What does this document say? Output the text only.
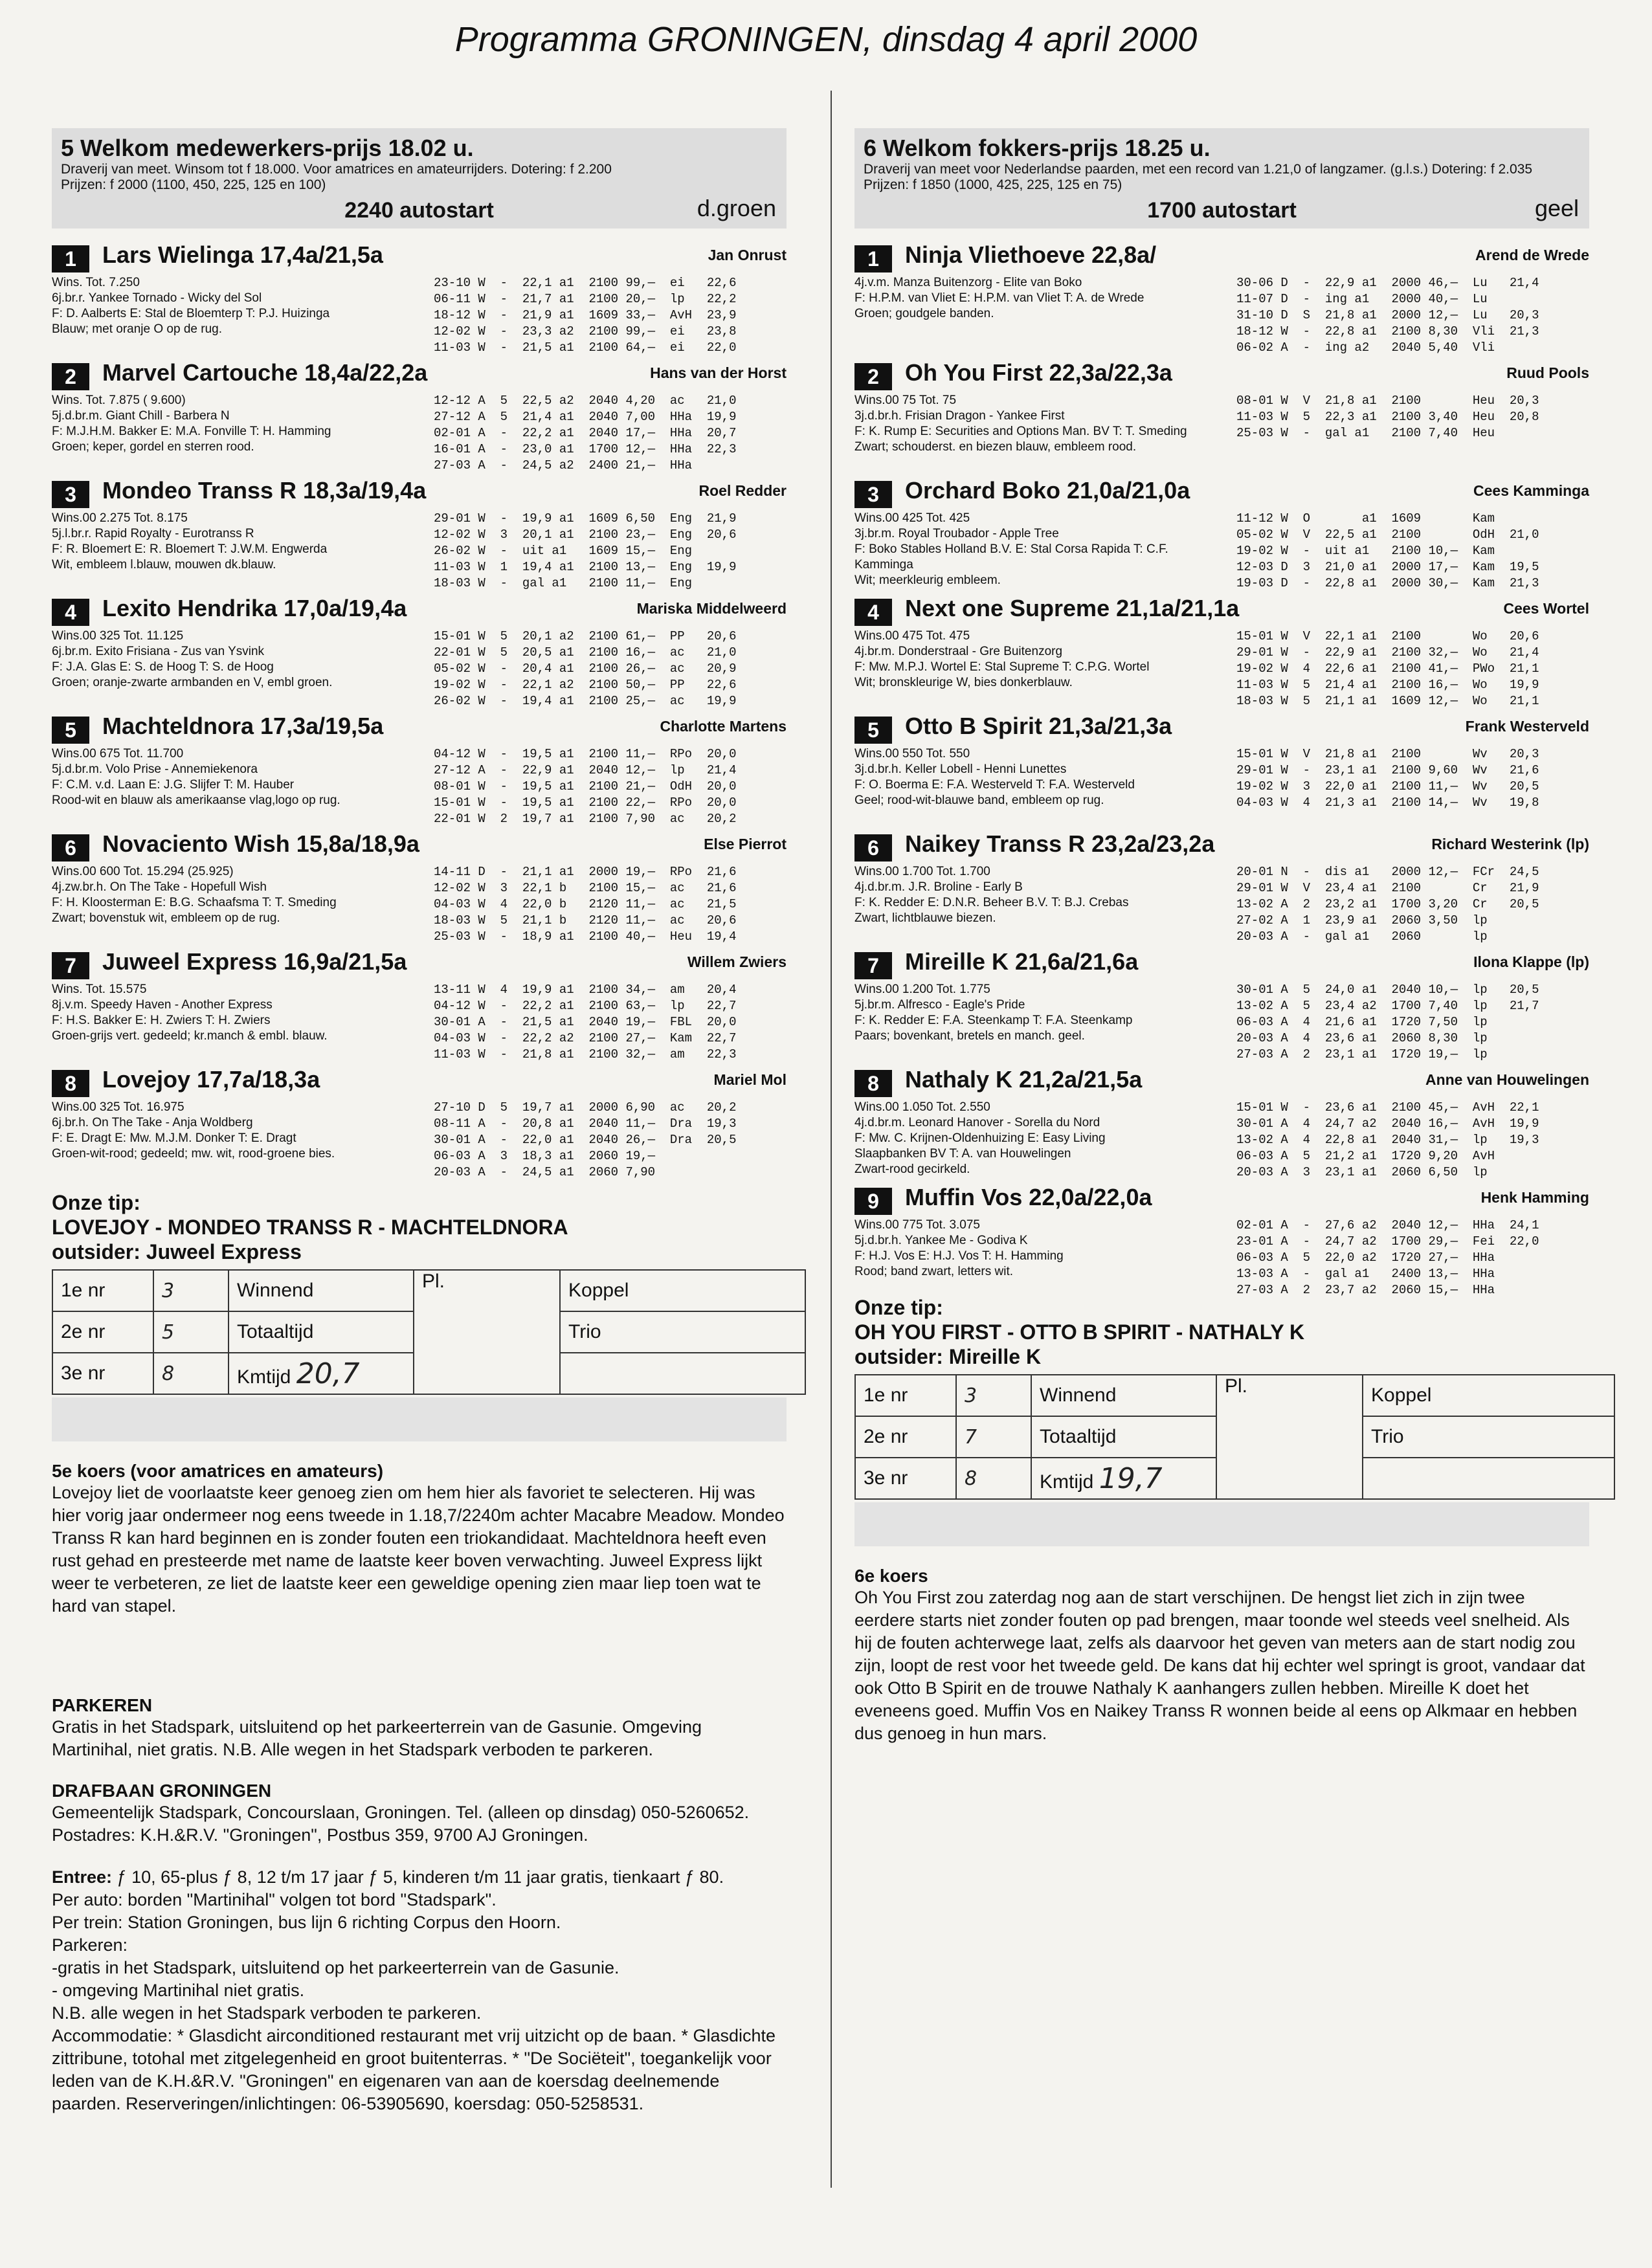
Programma GRONINGEN, dinsdag 4 april 2000
5 Welkom medewerkers-prijs 18.02 u.
Draverij van meet. Winsom tot f 18.000. Voor amatrices en amateurrijders. Dotering: f 2.200
Prijzen: f 2000 (1100, 450, 225, 125 en 100)
2240 autostart	d.groen
1	Lars Wielinga 17,4a/21,5a	Jan Onrust
Wins. Tot. 7.250
6j.br.r. Yankee Tornado - Wicky del Sol
F: D. Aalberts E: Stal de Bloemterp T: P.J. Huizinga
Blauw; met oranje O op de rug.
23-10 W  -  22,1 a1  2100 99,—  ei   22,6
06-11 W  -  21,7 a1  2100 20,—  lp   22,2
18-12 W  -  21,9 a1  1609 33,—  AvH  23,9
12-02 W  -  23,3 a2  2100 99,—  ei   23,8
11-03 W  -  21,5 a1  2100 64,—  ei   22,0
2	Marvel Cartouche 18,4a/22,2a	Hans van der Horst
Wins. Tot. 7.875 ( 9.600)
5j.d.br.m. Giant Chill - Barbera N
F: M.J.H.M. Bakker E: M.A. Fonville T: H. Hamming
Groen; keper, gordel en sterren rood.
12-12 A  5  22,5 a2  2040 4,20  ac   21,0
27-12 A  5  21,4 a1  2040 7,00  HHa  19,9
02-01 A  -  22,2 a1  2040 17,—  HHa  20,7
16-01 A  -  23,0 a1  1700 12,—  HHa  22,3
27-03 A  -  24,5 a2  2400 21,—  HHa
3	Mondeo Transs R 18,3a/19,4a	Roel Redder
Wins.00 2.275 Tot. 8.175
5j.l.br.r. Rapid Royalty - Eurotranss R
F: R. Bloemert E: R. Bloemert T: J.W.M. Engwerda
Wit, embleem l.blauw, mouwen dk.blauw.
29-01 W  -  19,9 a1  1609 6,50  Eng  21,9
12-02 W  3  20,1 a1  2100 23,—  Eng  20,6
26-02 W  -  uit a1   1609 15,—  Eng
11-03 W  1  19,4 a1  2100 13,—  Eng  19,9
18-03 W  -  gal a1   2100 11,—  Eng
4	Lexito Hendrika 17,0a/19,4a	Mariska Middelweerd
Wins.00 325 Tot. 11.125
6j.br.m. Exito Frisiana - Zus van Ysvink
F: J.A. Glas E: S. de Hoog T: S. de Hoog
Groen; oranje-zwarte armbanden en V, embl groen.
15-01 W  5  20,1 a2  2100 61,—  PP   20,6
22-01 W  5  20,5 a1  2100 16,—  ac   21,0
05-02 W  -  20,4 a1  2100 26,—  ac   20,9
19-02 W  -  22,1 a2  2100 50,—  PP   22,6
26-02 W  -  19,4 a1  2100 25,—  ac   19,9
5	Machteldnora 17,3a/19,5a	Charlotte Martens
Wins.00 675 Tot. 11.700
5j.d.br.m. Volo Prise - Annemiekenora
F: C.M. v.d. Laan E: J.G. Slijfer T: M. Hauber
Rood-wit en blauw als amerikaanse vlag,logo op rug.
04-12 W  -  19,5 a1  2100 11,—  RPo  20,0
27-12 A  -  22,9 a1  2040 12,—  lp   21,4
08-01 W  -  19,5 a1  2100 21,—  OdH  20,0
15-01 W  -  19,5 a1  2100 22,—  RPo  20,0
22-01 W  2  19,7 a1  2100 7,90  ac   20,2
6	Novaciento Wish 15,8a/18,9a	Else Pierrot
Wins.00 600 Tot. 15.294 (25.925)
4j.zw.br.h. On The Take - Hopefull Wish
F: H. Kloosterman E: B.G. Schaafsma T: T. Smeding
Zwart; bovenstuk wit, embleem op de rug.
14-11 D  -  21,1 a1  2000 19,—  RPo  21,6
12-02 W  3  22,1 b   2100 15,—  ac   21,6
04-03 W  4  22,0 b   2120 11,—  ac   21,5
18-03 W  5  21,1 b   2120 11,—  ac   20,6
25-03 W  -  18,9 a1  2100 40,—  Heu  19,4
7	Juweel Express 16,9a/21,5a	Willem Zwiers
Wins. Tot. 15.575
8j.v.m. Speedy Haven - Another Express
F: H.S. Bakker E: H. Zwiers T: H. Zwiers
Groen-grijs vert. gedeeld; kr.manch & embl. blauw.
13-11 W  4  19,9 a1  2100 34,—  am   20,4
04-12 W  -  22,2 a1  2100 63,—  lp   22,7
30-01 A  -  21,5 a1  2040 19,—  FBL  20,0
04-03 W  -  22,2 a2  2100 27,—  Kam  22,7
11-03 W  -  21,8 a1  2100 32,—  am   22,3
8	Lovejoy 17,7a/18,3a	Mariel Mol
Wins.00 325 Tot. 16.975
6j.br.h. On The Take - Anja Woldberg
F: E. Dragt E: Mw. M.J.M. Donker T: E. Dragt
Groen-wit-rood; gedeeld; mw. wit, rood-groene bies.
27-10 D  5  19,7 a1  2000 6,90  ac   20,2
08-11 A  -  20,8 a1  2040 11,—  Dra  19,3
30-01 A  -  22,0 a1  2040 26,—  Dra  20,5
06-03 A  3  18,3 a1  2060 19,—
20-03 A  -  24,5 a1  2060 7,90
Onze tip:
LOVEJOY - MONDEO TRANSS R - MACHTELDNORA
outsider: Juweel Express
1e nr	3	Winnend	Pl.	Koppel
2e nr	5	Totaaltijd		Trio
3e nr	8	Kmtijd 20,7		
5e koers (voor amatrices en amateurs)
Lovejoy liet de voorlaatste keer genoeg zien om hem hier als favoriet te selecteren. Hij was hier vorig jaar ondermeer nog eens tweede in 1.18,7/2240m achter Macabre Meadow. Mondeo Transs R kan hard beginnen en is zonder fouten een triokandidaat. Machteldnora heeft even rust gehad en presteerde met name de laatste keer boven verwachting. Juweel Express lijkt weer te verbeteren, ze liet de laatste keer een geweldige opening zien maar liep toen wat te hard van stapel.
PARKEREN
Gratis in het Stadspark, uitsluitend op het parkeerterrein van de Gasunie. Omgeving Martinihal, niet gratis. N.B. Alle wegen in het Stadspark verboden te parkeren.
DRAFBAAN GRONINGEN
Gemeentelijk Stadspark, Concourslaan, Groningen. Tel. (alleen op dinsdag) 050-5260652.
Postadres: K.H.&R.V. "Groningen", Postbus 359, 9700 AJ Groningen.
Entree: ƒ 10, 65-plus ƒ 8, 12 t/m 17 jaar ƒ 5, kinderen t/m 11 jaar gratis, tienkaart ƒ 80.
Per auto: borden "Martinihal" volgen tot bord "Stadspark".
Per trein: Station Groningen, bus lijn 6 richting Corpus den Hoorn.
Parkeren:
-gratis in het Stadspark, uitsluitend op het parkeerterrein van de Gasunie.
- omgeving Martinihal niet gratis.
N.B. alle wegen in het Stadspark verboden te parkeren.
Accommodatie: * Glasdicht airconditioned restaurant met vrij uitzicht op de baan. * Glasdichte zittribune, totohal met zitgelegenheid en groot buitenterras. * "De Sociëteit", toegankelijk voor leden van de K.H.&R.V. "Groningen" en eigenaren van aan de koersdag deelnemende paarden. Reserveringen/inlichtingen: 06-53905690, koersdag: 050-5258531.
6 Welkom fokkers-prijs 18.25 u.
Draverij van meet voor Nederlandse paarden, met een record van 1.21,0 of langzamer. (g.l.s.) Dotering: f 2.035
Prijzen: f 1850 (1000, 425, 225, 125 en 75)
1700 autostart	geel
1	Ninja Vliethoeve 22,8a/	Arend de Wrede
4j.v.m. Manza Buitenzorg - Elite van Boko
F: H.P.M. van Vliet E: H.P.M. van Vliet T: A. de Wrede
Groen; goudgele banden.
30-06 D  -  22,9 a1  2000 46,—  Lu   21,4
11-07 D  -  ing a1   2000 40,—  Lu
31-10 D  S  21,8 a1  2000 12,—  Lu   20,3
18-12 W  -  22,8 a1  2100 8,30  Vli  21,3
06-02 A  -  ing a2   2040 5,40  Vli
2	Oh You First 22,3a/22,3a	Ruud Pools
Wins.00 75 Tot. 75
3j.d.br.h. Frisian Dragon - Yankee First
F: K. Rump E: Securities and Options Man. BV T: T. Smeding
Zwart; schouderst. en biezen blauw, embleem rood.
08-01 W  V  21,8 a1  2100       Heu  20,3
11-03 W  5  22,3 a1  2100 3,40  Heu  20,8
25-03 W  -  gal a1   2100 7,40  Heu
3	Orchard Boko 21,0a/21,0a	Cees Kamminga
Wins.00 425 Tot. 425
3j.br.m. Royal Troubador - Apple Tree
F: Boko Stables Holland B.V. E: Stal Corsa Rapida T: C.F. Kamminga
Wit; meerkleurig embleem.
11-12 W  O       a1  1609       Kam
05-02 W  V  22,5 a1  2100       OdH  21,0
19-02 W  -  uit a1   2100 10,—  Kam
12-03 D  3  21,0 a1  2000 17,—  Kam  19,5
19-03 D  -  22,8 a1  2000 30,—  Kam  21,3
4	Next one Supreme 21,1a/21,1a	Cees Wortel
Wins.00 475 Tot. 475
4j.br.m. Donderstraal - Gre Buitenzorg
F: Mw. M.P.J. Wortel E: Stal Supreme T: C.P.G. Wortel
Wit; bronskleurige W, bies donkerblauw.
15-01 W  V  22,1 a1  2100       Wo   20,6
29-01 W  -  22,9 a1  2100 32,—  Wo   21,4
19-02 W  4  22,6 a1  2100 41,—  PWo  21,1
11-03 W  5  21,4 a1  2100 16,—  Wo   19,9
18-03 W  5  21,1 a1  1609 12,—  Wo   21,1
5	Otto B Spirit 21,3a/21,3a	Frank Westerveld
Wins.00 550 Tot. 550
3j.d.br.h. Keller Lobell - Henni Lunettes
F: O. Boerma E: F.A. Westerveld T: F.A. Westerveld
Geel; rood-wit-blauwe band, embleem op rug.
15-01 W  V  21,8 a1  2100       Wv   20,3
29-01 W  -  23,1 a1  2100 9,60  Wv   21,6
19-02 W  3  22,0 a1  2100 11,—  Wv   20,5
04-03 W  4  21,3 a1  2100 14,—  Wv   19,8
6	Naikey Transs R 23,2a/23,2a	Richard Westerink (lp)
Wins.00 1.700 Tot. 1.700
4j.d.br.m. J.R. Broline - Early B
F: K. Redder E: D.N.R. Beheer B.V. T: B.J. Crebas
Zwart, lichtblauwe biezen.
20-01 N  -  dis a1   2000 12,—  FCr  24,5
29-01 W  V  23,4 a1  2100       Cr   21,9
13-02 A  2  23,2 a1  1700 3,20  Cr   20,5
27-02 A  1  23,9 a1  2060 3,50  lp
20-03 A  -  gal a1   2060       lp
7	Mireille K 21,6a/21,6a	Ilona Klappe (lp)
Wins.00 1.200 Tot. 1.775
5j.br.m. Alfresco - Eagle's Pride
F: K. Redder E: F.A. Steenkamp T: F.A. Steenkamp
Paars; bovenkant, bretels en manch. geel.
30-01 A  5  24,0 a1  2040 10,—  lp   20,5
13-02 A  5  23,4 a2  1700 7,40  lp   21,7
06-03 A  4  21,6 a1  1720 7,50  lp
20-03 A  4  23,6 a1  2060 8,30  lp
27-03 A  2  23,1 a1  1720 19,—  lp
8	Nathaly K 21,2a/21,5a	Anne van Houwelingen
Wins.00 1.050 Tot. 2.550
4j.d.br.m. Leonard Hanover - Sorella du Nord
F: Mw. C. Krijnen-Oldenhuizing E: Easy Living
Slaapbanken BV T: A. van Houwelingen
Zwart-rood gecirkeld.
15-01 W  -  23,6 a1  2100 45,—  AvH  22,1
30-01 A  4  24,7 a2  2040 16,—  AvH  19,9
13-02 A  4  22,8 a1  2040 31,—  lp   19,3
06-03 A  5  21,2 a1  1720 9,20  AvH
20-03 A  3  23,1 a1  2060 6,50  lp
9	Muffin Vos 22,0a/22,0a	Henk Hamming
Wins.00 775 Tot. 3.075
5j.d.br.h. Yankee Me - Godiva K
F: H.J. Vos E: H.J. Vos T: H. Hamming
Rood; band zwart, letters wit.
02-01 A  -  27,6 a2  2040 12,—  HHa  24,1
23-01 A  -  24,7 a2  1700 29,—  Fei  22,0
06-03 A  5  22,0 a2  1720 27,—  HHa
13-03 A  -  gal a1   2400 13,—  HHa
27-03 A  2  23,7 a2  2060 15,—  HHa
Onze tip:
OH YOU FIRST - OTTO B SPIRIT - NATHALY K
outsider: Mireille K
1e nr	3	Winnend	Pl.	Koppel
2e nr	7	Totaaltijd		Trio
3e nr	8	Kmtijd 19,7		
6e koers
Oh You First zou zaterdag nog aan de start verschijnen. De hengst liet zich in zijn twee eerdere starts niet zonder fouten op pad brengen, maar toonde wel steeds veel snelheid. Als hij de fouten achterwege laat, zelfs als daarvoor het geven van meters aan de start nodig zou zijn, loopt de rest voor het tweede geld. De kans dat hij echter wel springt is groot, vandaar dat ook Otto B Spirit en de trouwe Nathaly K aanhangers zullen hebben. Mireille K doet het eveneens goed. Muffin Vos en Naikey Transs R wonnen beide al eens op Alkmaar en hebben dus genoeg in hun mars.
